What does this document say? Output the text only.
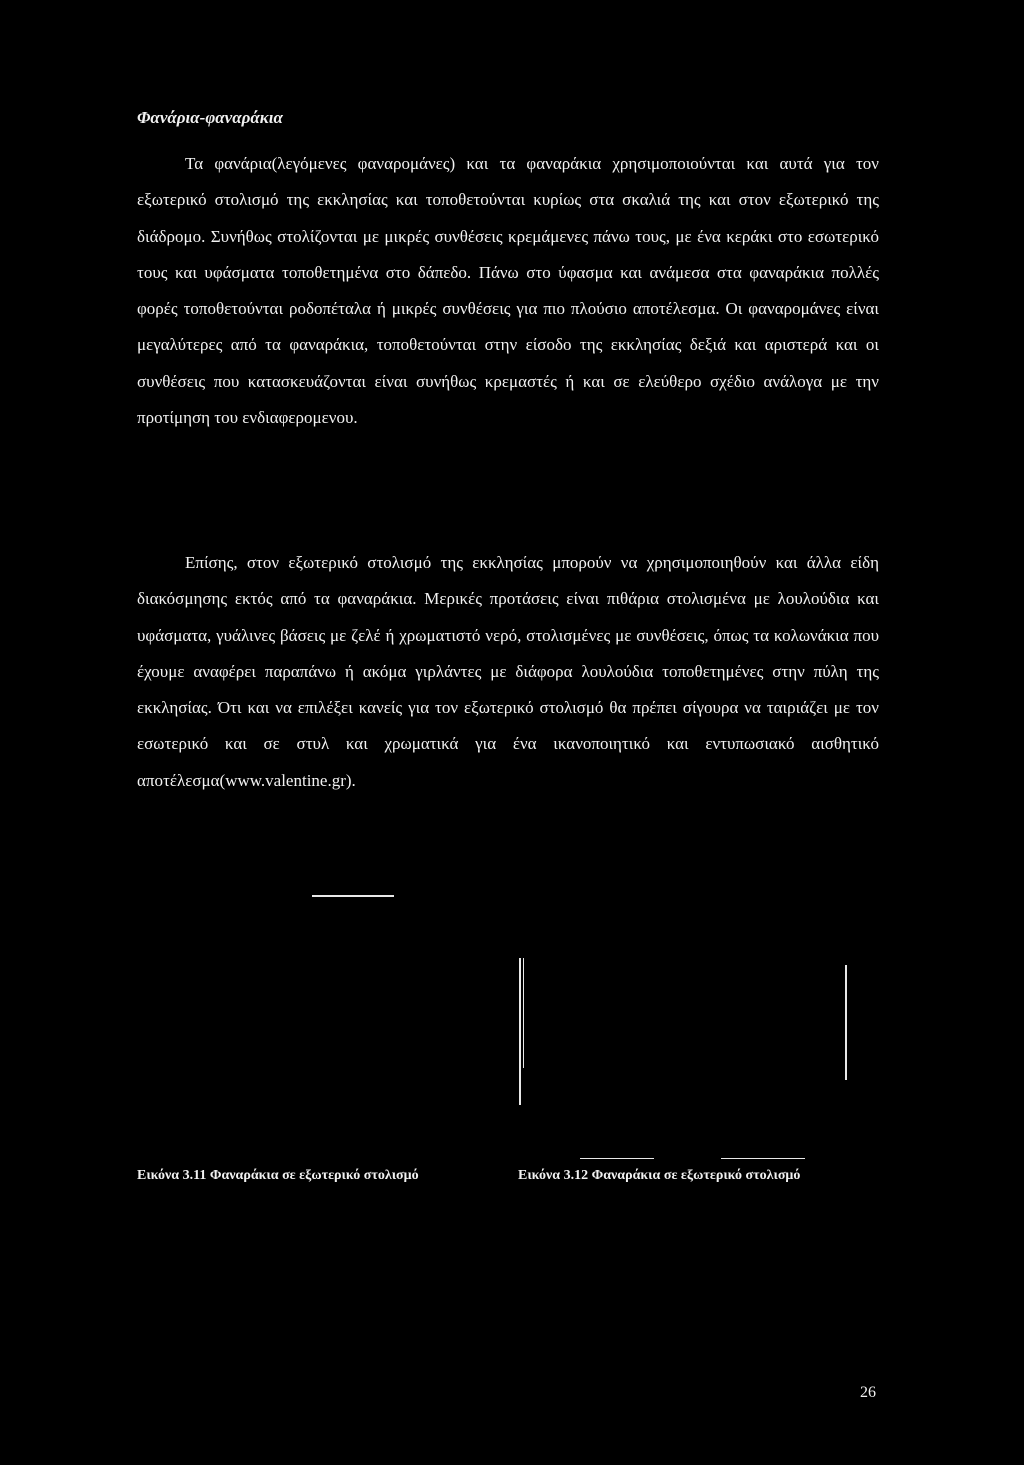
Φανάρια-φαναράκια

Τα φανάρια(λεγόμενες φαναρομάνες) και τα φαναράκια χρησιμοποιούνται και αυτά για τον εξωτερικό στολισμό της εκκλησίας και τοποθετούνται κυρίως στα σκαλιά της και στον εξωτερικό της διάδρομο. Συνήθως στολίζονται με μικρές συνθέσεις κρεμάμενες πάνω τους, με ένα κεράκι στο εσωτερικό τους και υφάσματα τοποθετημένα στο δάπεδο. Πάνω στο ύφασμα και ανάμεσα στα φαναράκια πολλές φορές τοποθετούνται ροδοπέταλα ή μικρές συνθέσεις για πιο πλούσιο αποτέλεσμα. Οι φαναρομάνες είναι μεγαλύτερες από τα φαναράκια, τοποθετούνται στην είσοδο της εκκλησίας δεξιά και αριστερά και οι συνθέσεις που κατασκευάζονται είναι συνήθως κρεμαστές ή και σε ελεύθερο σχέδιο ανάλογα με την προτίμηση του ενδιαφερομενου.

Επίσης, στον εξωτερικό στολισμό της εκκλησίας μπορούν να χρησιμοποιηθούν και άλλα είδη διακόσμησης εκτός από τα φαναράκια. Μερικές προτάσεις είναι πιθάρια στολισμένα με λουλούδια και υφάσματα, γυάλινες βάσεις με ζελέ ή χρωματιστό νερό, στολισμένες με συνθέσεις, όπως τα κολωνάκια που έχουμε αναφέρει παραπάνω ή ακόμα γιρλάντες με διάφορα λουλούδια τοποθετημένες στην πύλη της εκκλησίας. Ότι και να επιλέξει κανείς για τον εξωτερικό στολισμό θα πρέπει σίγουρα να ταιριάζει με τον εσωτερικό και σε στυλ και χρωματικά για ένα ικανοποιητικό και εντυπωσιακό αισθητικό αποτέλεσμα(www.valentine.gr).

Εικόνα 3.11 Φαναράκια σε εξωτερικό στολισμό	Εικόνα 3.12 Φαναράκια σε εξωτερικό στολισμό

26
